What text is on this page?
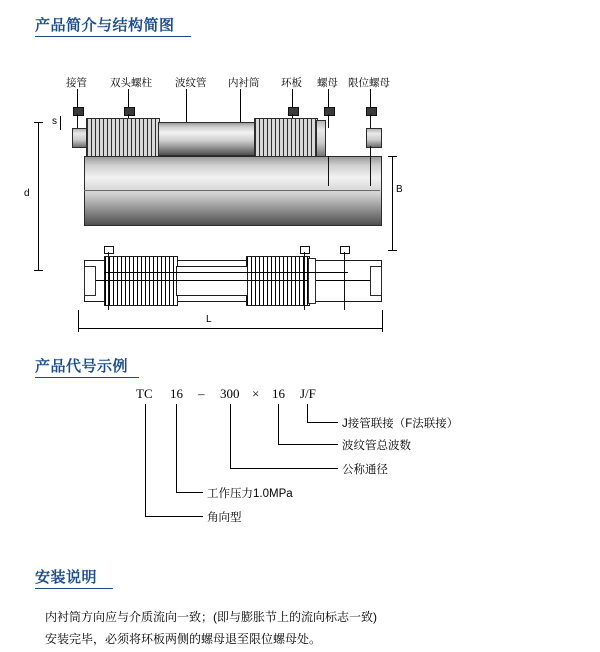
产品简介与结构简图
接管 双头螺柱 波纹管 内衬筒 环板 螺母 限位螺母
s
d	B
L
产品代号示例
TC 16 – 300 × 16 J/F
J接管联接（F法联接）
波纹管总波数
公称通径
工作压力1.0MPa
角向型
安装说明
内衬筒方向应与介质流向一致；(即与膨胀节上的流向标志一致)
安装完毕，必须将环板两侧的螺母退至限位螺母处。
